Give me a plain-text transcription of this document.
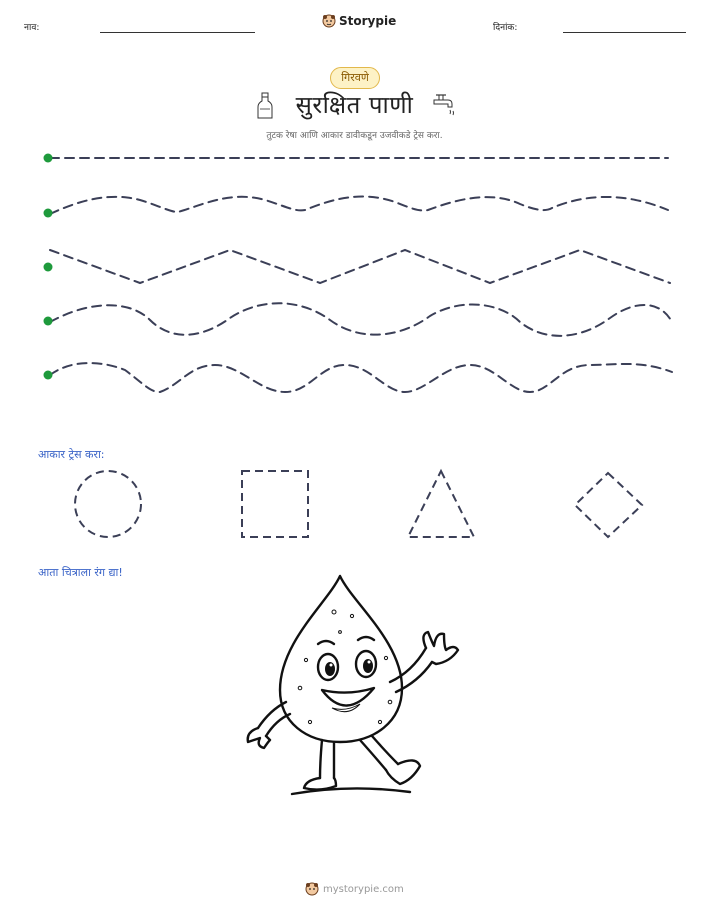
नाव:	Storypie	दिनांक:
गिरवणे
सुरक्षित पाणी
तुटक रेषा आणि आकार डावीकडून उजवीकडे ट्रेस करा.
आकार ट्रेस करा:
आता चित्राला रंग द्या!
mystorypie.com
